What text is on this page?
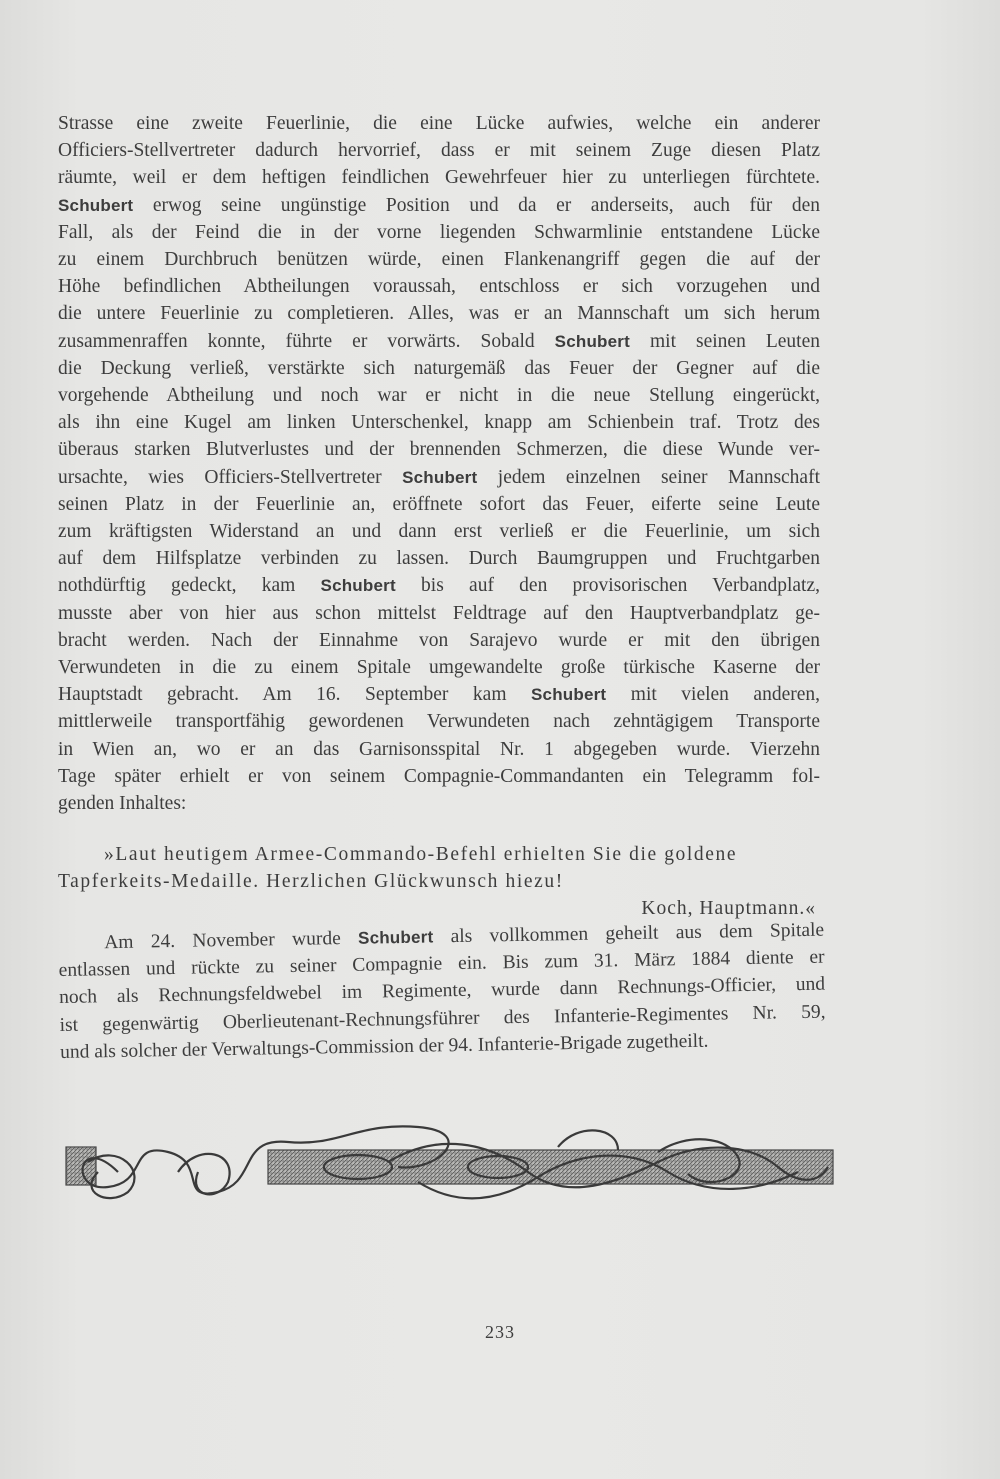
Strasse eine zweite Feuerlinie, die eine Lücke aufwies, welche ein anderer
Officiers-Stellvertreter dadurch hervorrief, dass er mit seinem Zuge diesen Platz
räumte, weil er dem heftigen feindlichen Gewehrfeuer hier zu unterliegen fürchtete.
Schubert erwog seine ungünstige Position und da er anderseits, auch für den
Fall, als der Feind die in der vorne liegenden Schwarmlinie entstandene Lücke
zu einem Durchbruch benützen würde, einen Flankenangriff gegen die auf der
Höhe befindlichen Abtheilungen voraussah, entschloss er sich vorzugehen und
die untere Feuerlinie zu completieren. Alles, was er an Mannschaft um sich herum
zusammenraffen konnte, führte er vorwärts. Sobald Schubert mit seinen Leuten
die Deckung verließ, verstärkte sich naturgemäß das Feuer der Gegner auf die
vorgehende Abtheilung und noch war er nicht in die neue Stellung eingerückt,
als ihn eine Kugel am linken Unterschenkel, knapp am Schienbein traf. Trotz des
überaus starken Blutverlustes und der brennenden Schmerzen, die diese Wunde ver-
ursachte, wies Officiers-Stellvertreter Schubert jedem einzelnen seiner Mannschaft
seinen Platz in der Feuerlinie an, eröffnete sofort das Feuer, eiferte seine Leute
zum kräftigsten Widerstand an und dann erst verließ er die Feuerlinie, um sich
auf dem Hilfsplatze verbinden zu lassen. Durch Baumgruppen und Fruchtgarben
nothdürftig gedeckt, kam Schubert bis auf den provisorischen Verbandplatz,
musste aber von hier aus schon mittelst Feldtrage auf den Hauptverbandplatz ge-
bracht werden. Nach der Einnahme von Sarajevo wurde er mit den übrigen
Verwundeten in die zu einem Spitale umgewandelte große türkische Kaserne der
Hauptstadt gebracht. Am 16. September kam Schubert mit vielen anderen,
mittlerweile transportfähig gewordenen Verwundeten nach zehntägigem Transporte
in Wien an, wo er an das Garnisonsspital Nr. 1 abgegeben wurde. Vierzehn
Tage später erhielt er von seinem Compagnie-Commandanten ein Telegramm fol-
genden Inhaltes:
»Laut heutigem Armee-Commando-Befehl erhielten Sie die goldene
Tapferkeits-Medaille. Herzlichen Glückwunsch hiezu!
Koch, Hauptmann.«
Am 24. November wurde Schubert als vollkommen geheilt aus dem Spitale
entlassen und rückte zu seiner Compagnie ein. Bis zum 31. März 1884 diente er
noch als Rechnungsfeldwebel im Regimente, wurde dann Rechnungs-Officier, und
ist gegenwärtig Oberlieutenant-Rechnungsführer des Infanterie-Regimentes Nr. 59,
und als solcher der Verwaltungs-Commission der 94. Infanterie-Brigade zugetheilt.
233
